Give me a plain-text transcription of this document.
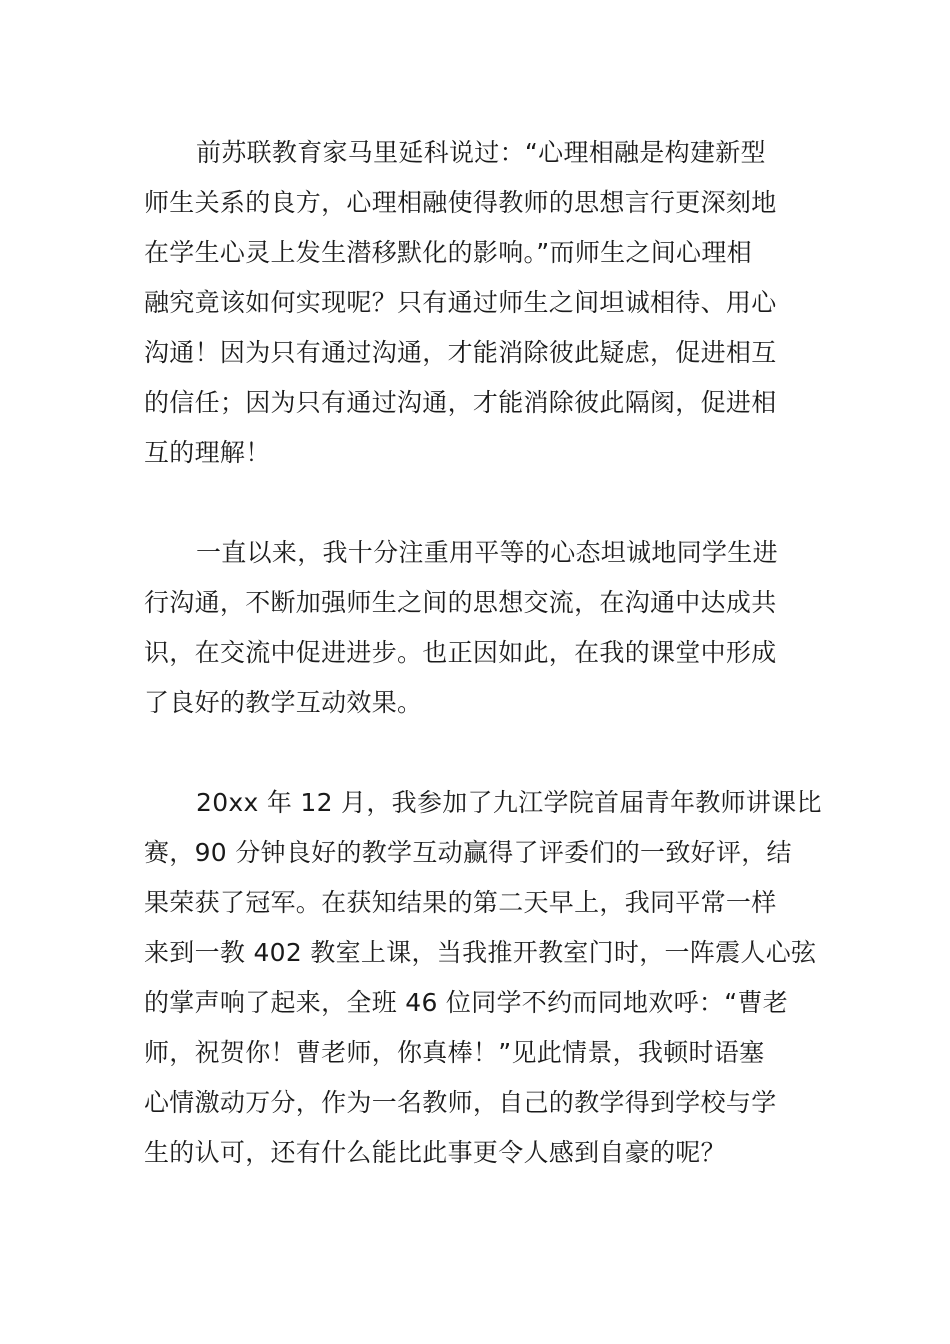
前苏联教育家马里延科说过：“心理相融是构建新型
师生关系的良方，心理相融使得教师的思想言行更深刻地
在学生心灵上发生潜移默化的影响。”而师生之间心理相
融究竟该如何实现呢？只有通过师生之间坦诚相待、用心
沟通！因为只有通过沟通，才能消除彼此疑虑，促进相互
的信任；因为只有通过沟通，才能消除彼此隔阂，促进相
互的理解！
一直以来，我十分注重用平等的心态坦诚地同学生进
行沟通，不断加强师生之间的思想交流，在沟通中达成共
识，在交流中促进进步。也正因如此，在我的课堂中形成
了良好的教学互动效果。
20xx 年 12 月，我参加了九江学院首届青年教师讲课比
赛，90 分钟良好的教学互动赢得了评委们的一致好评，结
果荣获了冠军。在获知结果的第二天早上，我同平常一样
来到一教 402 教室上课，当我推开教室门时，一阵震人心弦
的掌声响了起来，全班 46 位同学不约而同地欢呼：“曹老
师，祝贺你！曹老师，你真棒！”见此情景，我顿时语塞
心情激动万分，作为一名教师，自己的教学得到学校与学
生的认可，还有什么能比此事更令人感到自豪的呢？
